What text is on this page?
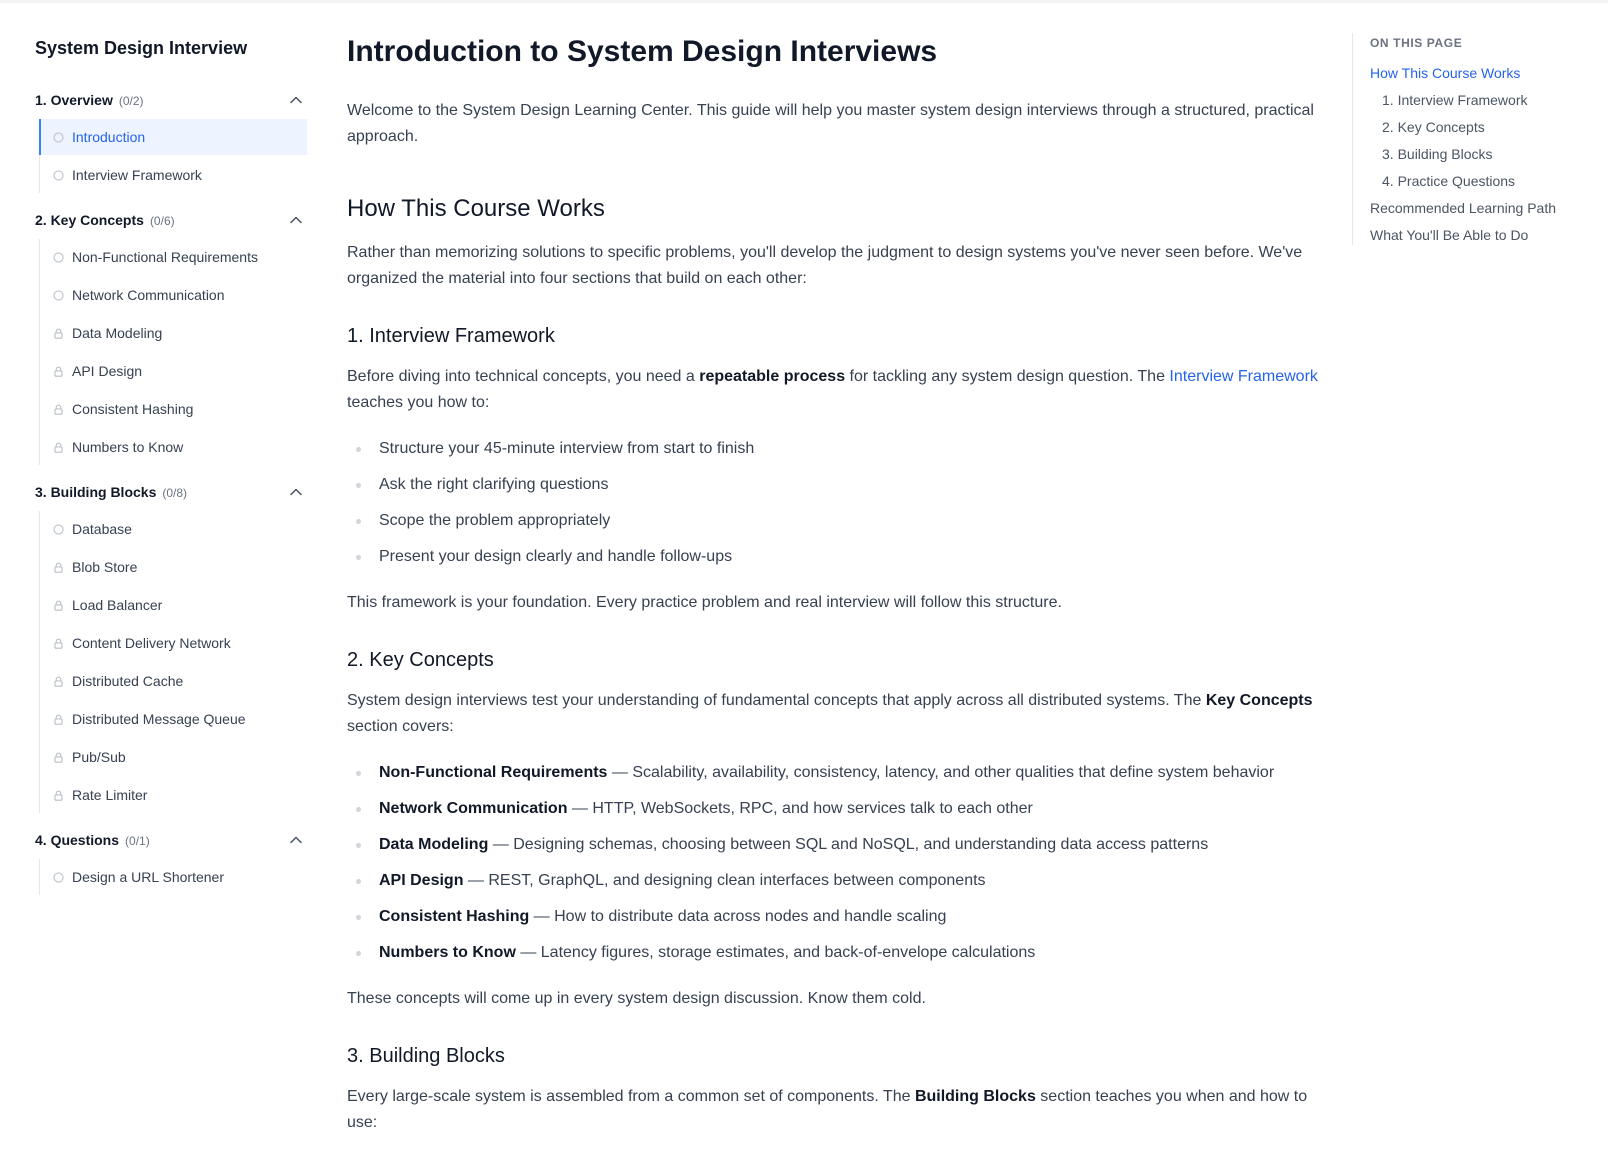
System Design Interview
1. Overview (0/2)
Introduction
Interview Framework
2. Key Concepts (0/6)
Non-Functional Requirements
Network Communication
Data Modeling
API Design
Consistent Hashing
Numbers to Know
3. Building Blocks (0/8)
Database
Blob Store
Load Balancer
Content Delivery Network
Distributed Cache
Distributed Message Queue
Pub/Sub
Rate Limiter
4. Questions (0/1)
Design a URL Shortener
Introduction to System Design Interviews

Welcome to the System Design Learning Center. This guide will help you master system design interviews through a structured, practical approach.

How This Course Works

Rather than memorizing solutions to specific problems, you'll develop the judgment to design systems you've never seen before. We've organized the material into four sections that build on each other:

1. Interview Framework

Before diving into technical concepts, you need a repeatable process for tackling any system design question. The Interview Framework teaches you how to:

Structure your 45-minute interview from start to finish
Ask the right clarifying questions
Scope the problem appropriately
Present your design clearly and handle follow-ups

This framework is your foundation. Every practice problem and real interview will follow this structure.

2. Key Concepts

System design interviews test your understanding of fundamental concepts that apply across all distributed systems. The Key Concepts section covers:

Non-Functional Requirements — Scalability, availability, consistency, latency, and other qualities that define system behavior
Network Communication — HTTP, WebSockets, RPC, and how services talk to each other
Data Modeling — Designing schemas, choosing between SQL and NoSQL, and understanding data access patterns
API Design — REST, GraphQL, and designing clean interfaces between components
Consistent Hashing — How to distribute data across nodes and handle scaling
Numbers to Know — Latency figures, storage estimates, and back-of-envelope calculations

These concepts will come up in every system design discussion. Know them cold.

3. Building Blocks

Every large-scale system is assembled from a common set of components. The Building Blocks section teaches you when and how to use:

ON THIS PAGE
How This Course Works
1. Interview Framework
2. Key Concepts
3. Building Blocks
4. Practice Questions
Recommended Learning Path
What You'll Be Able to Do
